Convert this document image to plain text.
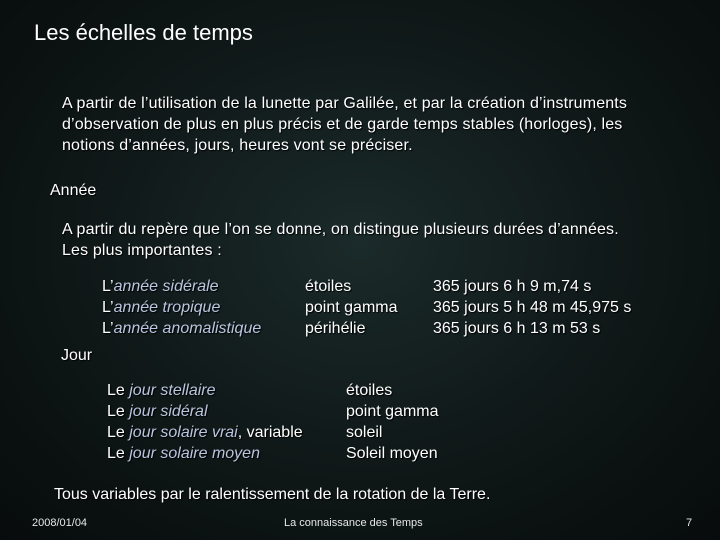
Les échelles de temps
A partir de l’utilisation de la lunette par Galilée, et par la création d’instruments
d’observation de plus en plus précis et de garde temps stables (horloges), les
notions d’années, jours, heures vont se préciser.
Année
A partir du repère que l’on se donne, on distingue plusieurs durées d’années.
Les plus importantes :
L’année sidérale
L’année tropique
L’année anomalistique
étoiles
point gamma
périhélie
365 jours 6 h 9 m,74 s
365 jours 5 h 48 m 45,975 s
365 jours 6 h 13 m 53 s
Jour
Le jour stellaire
Le jour sidéral
Le jour solaire vrai, variable
Le jour solaire moyen
étoiles
point gamma
soleil
Soleil moyen
Tous variables par le ralentissement de la rotation de la Terre.
2008/01/04	La connaissance des Temps	7
